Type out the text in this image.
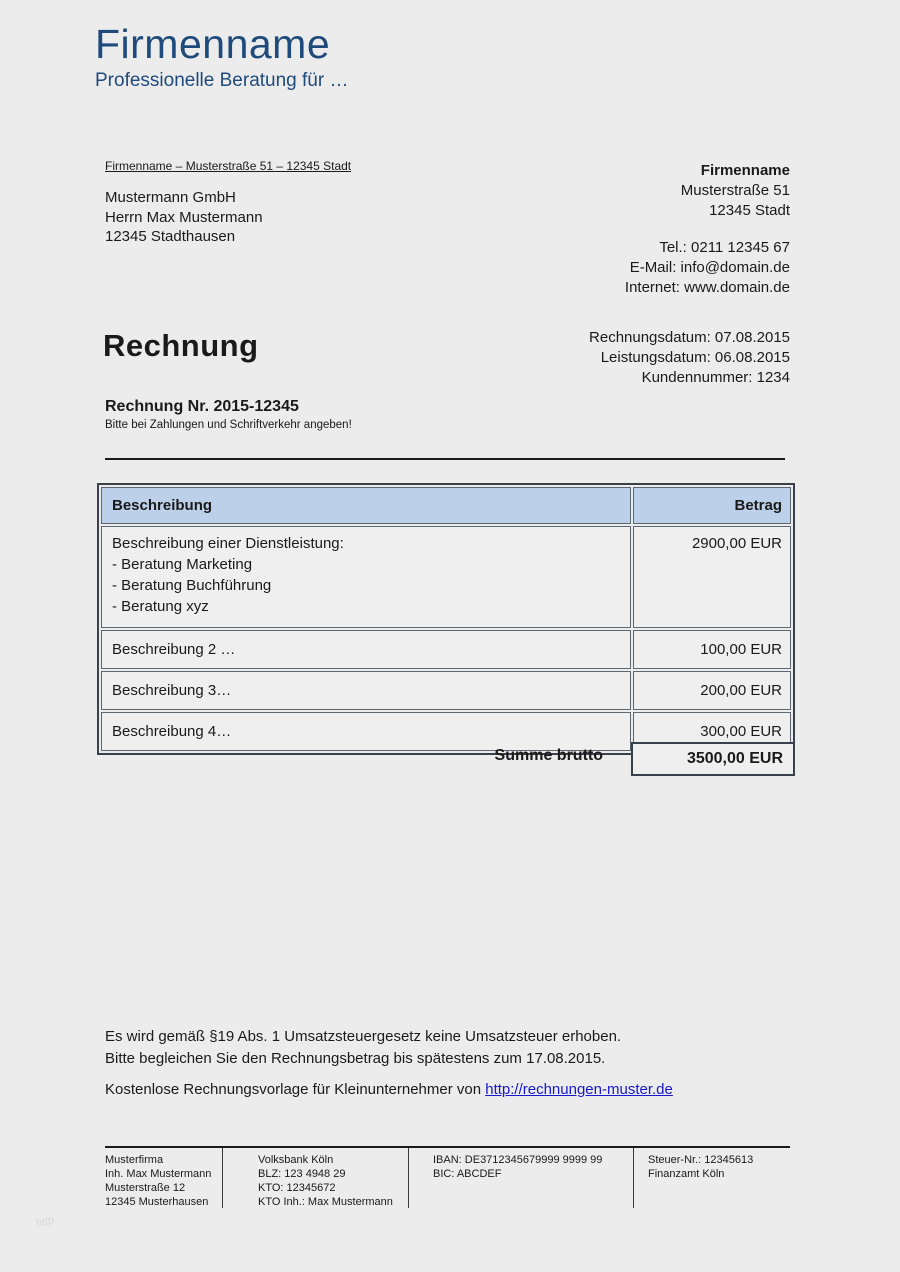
Firmenname
Professionelle Beratung für …
Firmenname – Musterstraße 51 – 12345 Stadt
Mustermann GmbH
Herrn Max Mustermann
12345 Stadthausen
Firmenname
Musterstraße 51
12345 Stadt
Tel.: 0211 12345 67
E-Mail: info@domain.de
Internet: www.domain.de
Rechnung	Rechnungsdatum: 07.08.2015
Leistungsdatum: 06.08.2015
Kundennummer: 1234
Rechnung Nr. 2015-12345
Bitte bei Zahlungen und Schriftverkehr angeben!
Beschreibung	Betrag
Beschreibung einer Dienstleistung:
- Beratung Marketing
- Beratung Buchführung
- Beratung xyz
2900,00 EUR
Beschreibung 2 …	100,00 EUR
Beschreibung 3…	200,00 EUR
Beschreibung 4…	300,00 EUR
Summe brutto	3500,00 EUR
Es wird gemäß §19 Abs. 1 Umsatzsteuergesetz keine Umsatzsteuer erhoben.
Bitte begleichen Sie den Rechnungsbetrag bis spätestens zum 17.08.2015.
Kostenlose Rechnungsvorlage für Kleinunternehmer von http://rechnungen-muster.de
Musterfirma
Inh. Max Mustermann
Musterstraße 12
12345 Musterhausen
Volksbank Köln
BLZ: 123 4948 29
KTO: 12345672
KTO Inh.: Max Mustermann
IBAN: DE3712345679999 9999 99
BIC: ABCDEF
Steuer-Nr.: 12345613
Finanzamt Köln
http
